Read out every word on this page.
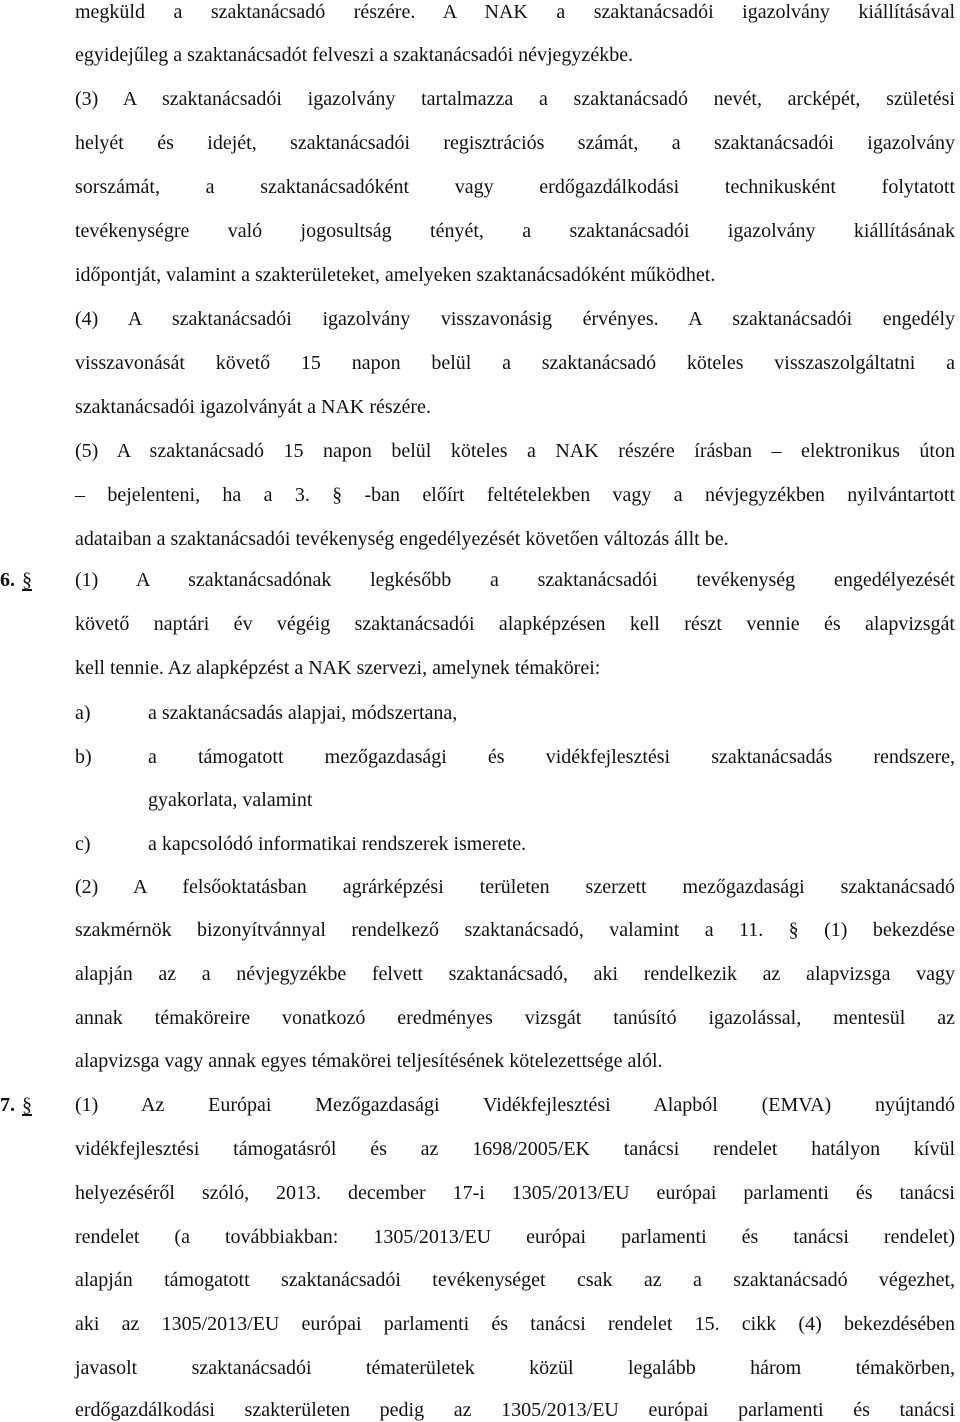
megküld a szaktanácsadó részére. A NAK a szaktanácsadói igazolvány kiállításával
egyidejűleg a szaktanácsadót felveszi a szaktanácsadói névjegyzékbe.
(3) A szaktanácsadói igazolvány tartalmazza a szaktanácsadó nevét, arcképét, születési
helyét és idejét, szaktanácsadói regisztrációs számát, a szaktanácsadói igazolvány
sorszámát, a szaktanácsadóként vagy erdőgazdálkodási technikusként folytatott
tevékenységre való jogosultság tényét, a szaktanácsadói igazolvány kiállításának
időpontját, valamint a szakterületeket, amelyeken szaktanácsadóként működhet.
(4) A szaktanácsadói igazolvány visszavonásig érvényes. A szaktanácsadói engedély
visszavonását követő 15 napon belül a szaktanácsadó köteles visszaszolgáltatni a
szaktanácsadói igazolványát a NAK részére.
(5) A szaktanácsadó 15 napon belül köteles a NAK részére írásban – elektronikus úton
– bejelenteni, ha a 3. § -ban előírt feltételekben vagy a névjegyzékben nyilvántartott
adataiban a szaktanácsadói tevékenység engedélyezését követően változás állt be.
6. § (1) A szaktanácsadónak legkésőbb a szaktanácsadói tevékenység engedélyezését
követő naptári év végéig szaktanácsadói alapképzésen kell részt vennie és alapvizsgát
kell tennie. Az alapképzést a NAK szervezi, amelynek témakörei:
a)	a szaktanácsadás alapjai, módszertana,
b)	a támogatott mezőgazdasági és vidékfejlesztési szaktanácsadás rendszere,
gyakorlata, valamint
c)	a kapcsolódó informatikai rendszerek ismerete.
(2) A felsőoktatásban agrárképzési területen szerzett mezőgazdasági szaktanácsadó
szakmérnök bizonyítvánnyal rendelkező szaktanácsadó, valamint a 11. § (1) bekezdése
alapján az a névjegyzékbe felvett szaktanácsadó, aki rendelkezik az alapvizsga vagy
annak témaköreire vonatkozó eredményes vizsgát tanúsító igazolással, mentesül az
alapvizsga vagy annak egyes témakörei teljesítésének kötelezettsége alól.
7. § (1) Az Európai Mezőgazdasági Vidékfejlesztési Alapból (EMVA) nyújtandó
vidékfejlesztési támogatásról és az 1698/2005/EK tanácsi rendelet hatályon kívül
helyezéséről szóló, 2013. december 17-i 1305/2013/EU európai parlamenti és tanácsi
rendelet (a továbbiakban: 1305/2013/EU európai parlamenti és tanácsi rendelet)
alapján támogatott szaktanácsadói tevékenységet csak az a szaktanácsadó végezhet,
aki az 1305/2013/EU európai parlamenti és tanácsi rendelet 15. cikk (4) bekezdésében
javasolt szaktanácsadói tématerületek közül legalább három témakörben,
erdőgazdálkodási szakterületen pedig az 1305/2013/EU európai parlamenti és tanácsi
